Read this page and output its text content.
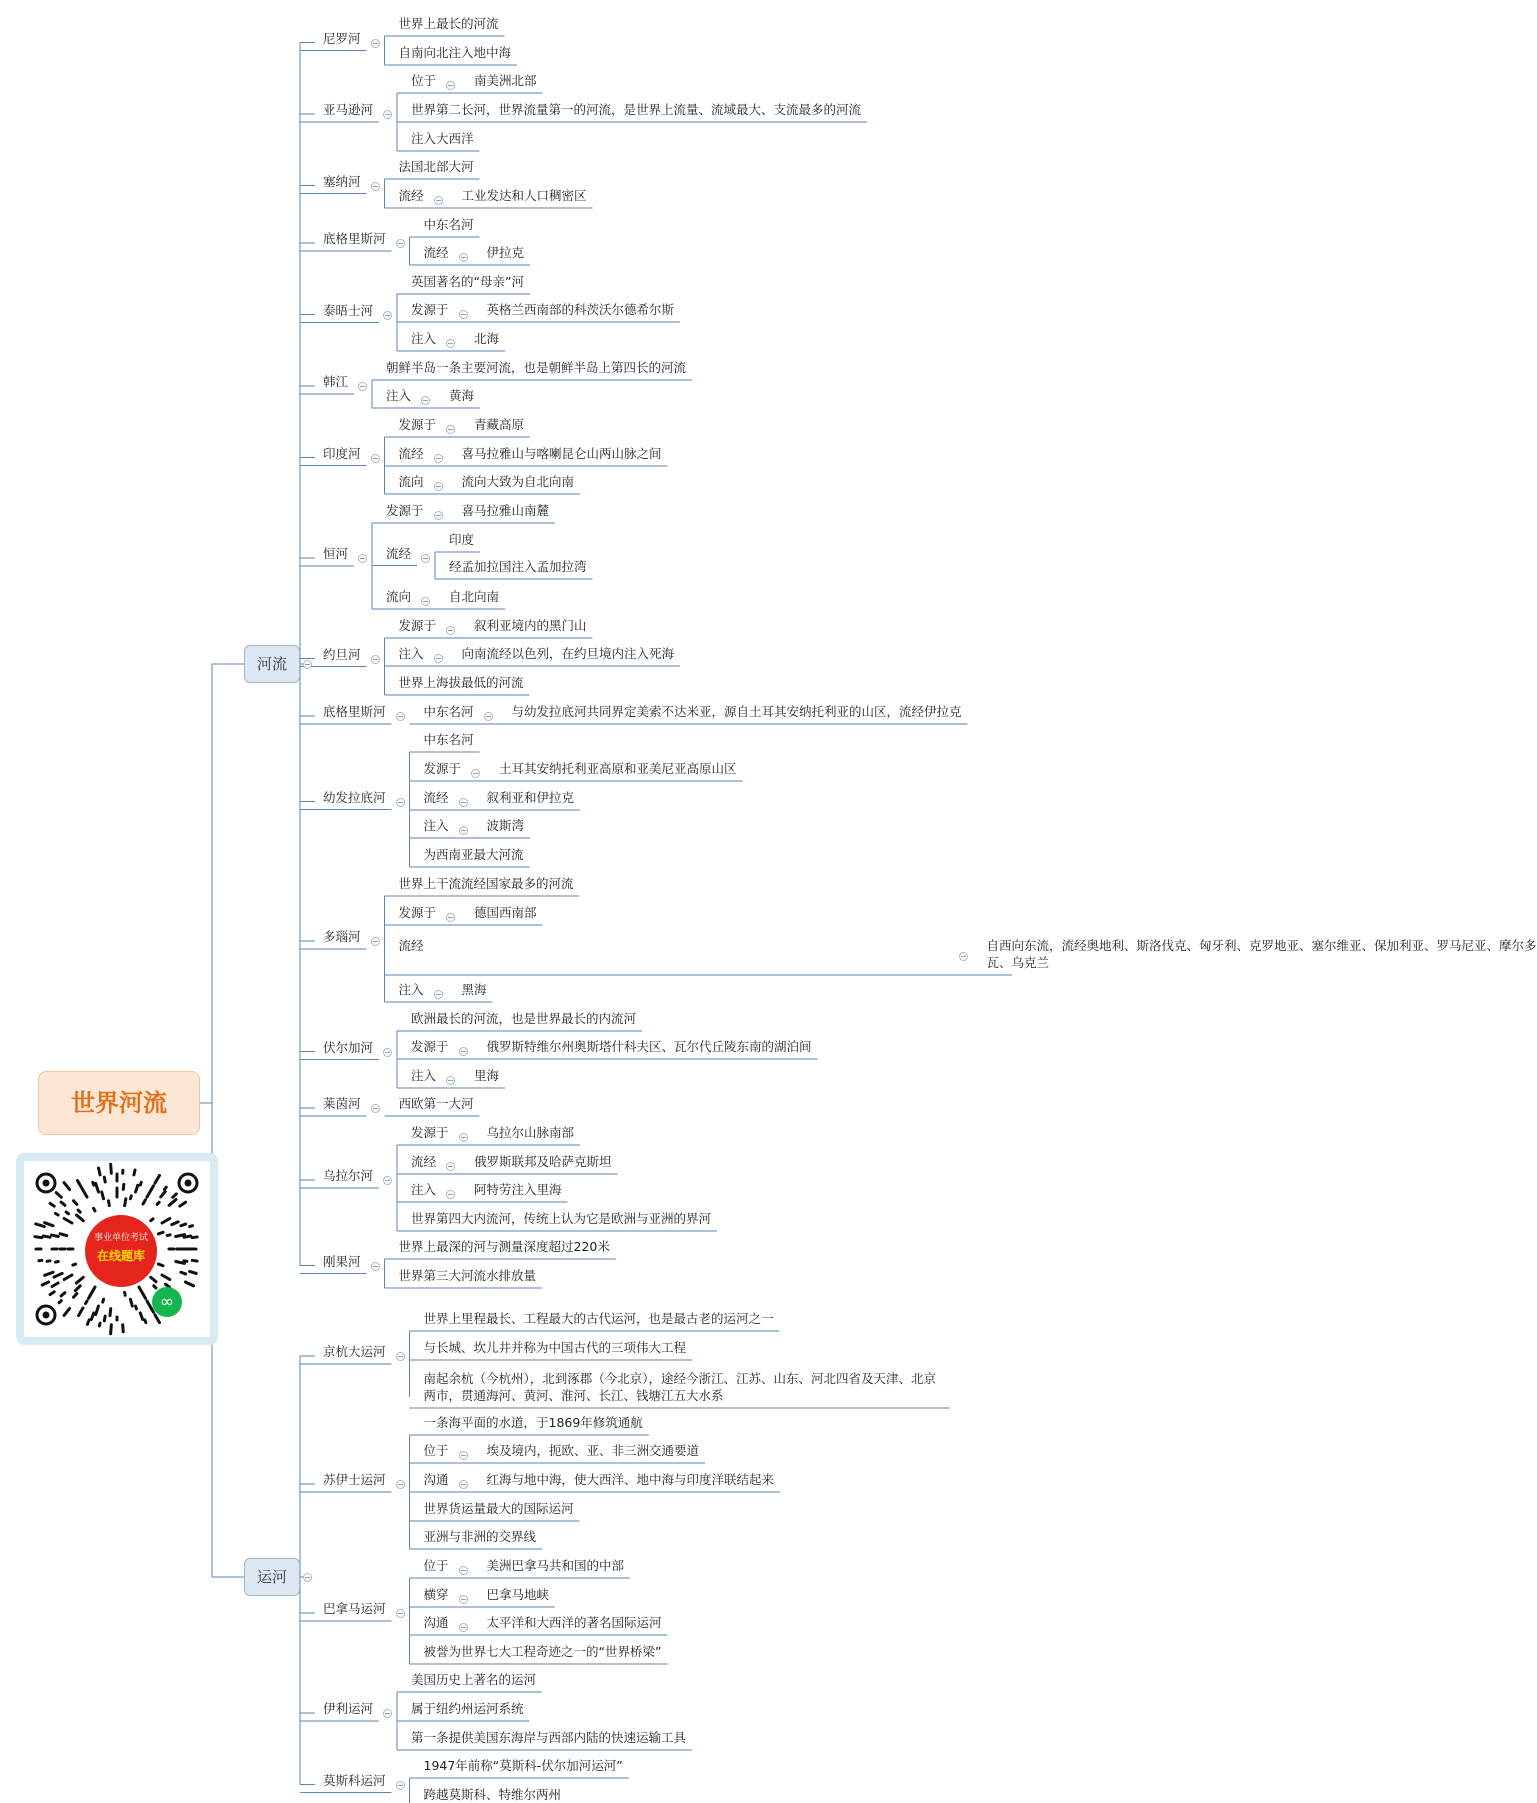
世界河流
事业单位考试
在线题库
∞
河流
尼罗河
世界上最长的河流
自南向北注入地中海
亚马逊河
位于	南美洲北部
世界第二长河，世界流量第一的河流，是世界上流量、流域最大、支流最多的河流
注入大西洋
塞纳河
法国北部大河
流经	工业发达和人口稠密区
底格里斯河
中东名河
流经	伊拉克
泰晤士河
英国著名的“母亲”河
发源于	英格兰西南部的科茨沃尔德希尔斯
注入	北海
韩江
朝鲜半岛一条主要河流，也是朝鲜半岛上第四长的河流
注入	黄海
印度河
发源于	青藏高原
流经	喜马拉雅山与喀喇昆仑山两山脉之间
流向	流向大致为自北向南
恒河
发源于	喜马拉雅山南麓
流经
印度
经孟加拉国注入孟加拉湾
流向	自北向南
约旦河
发源于	叙利亚境内的黑门山
注入	向南流经以色列，在约旦境内注入死海
世界上海拔最低的河流
底格里斯河	中东名河	与幼发拉底河共同界定美索不达米亚，源自土耳其安纳托利亚的山区，流经伊拉克
幼发拉底河
中东名河
发源于	土耳其安纳托利亚高原和亚美尼亚高原山区
流经	叙利亚和伊拉克
注入	波斯湾
为西南亚最大河流
多瑙河
世界上干流流经国家最多的河流
发源于	德国西南部
流经	自西向东流，流经奥地利、斯洛伐克、匈牙利、克罗地亚、塞尔维亚、保加利亚、罗马尼亚、摩尔多瓦、乌克兰
注入	黑海
伏尔加河
欧洲最长的河流，也是世界最长的内流河
发源于	俄罗斯特维尔州奥斯塔什科夫区、瓦尔代丘陵东南的湖泊间
注入	里海
莱茵河	西欧第一大河
乌拉尔河
发源于	乌拉尔山脉南部
流经	俄罗斯联邦及哈萨克斯坦
注入	阿特劳注入里海
世界第四大内流河，传统上认为它是欧洲与亚洲的界河
刚果河
世界上最深的河与测量深度超过220米
世界第三大河流水排放量
运河
京杭大运河
世界上里程最长、工程最大的古代运河，也是最古老的运河之一
与长城、坎儿井并称为中国古代的三项伟大工程
南起余杭（今杭州），北到涿郡（今北京），途经今浙江、江苏、山东、河北四省及天津、北京两市，贯通海河、黄河、淮河、长江、钱塘江五大水系
苏伊士运河
一条海平面的水道，于1869年修筑通航
位于	埃及境内，扼欧、亚、非三洲交通要道
沟通	红海与地中海，使大西洋、地中海与印度洋联结起来
世界货运量最大的国际运河
亚洲与非洲的交界线
巴拿马运河
位于	美洲巴拿马共和国的中部
横穿	巴拿马地峡
沟通	太平洋和大西洋的著名国际运河
被誉为世界七大工程奇迹之一的“世界桥梁”
伊利运河
美国历史上著名的运河
属于纽约州运河系统
第一条提供美国东海岸与西部内陆的快速运输工具
莫斯科运河
1947年前称“莫斯科-伏尔加河运河”
跨越莫斯科、特维尔两州
